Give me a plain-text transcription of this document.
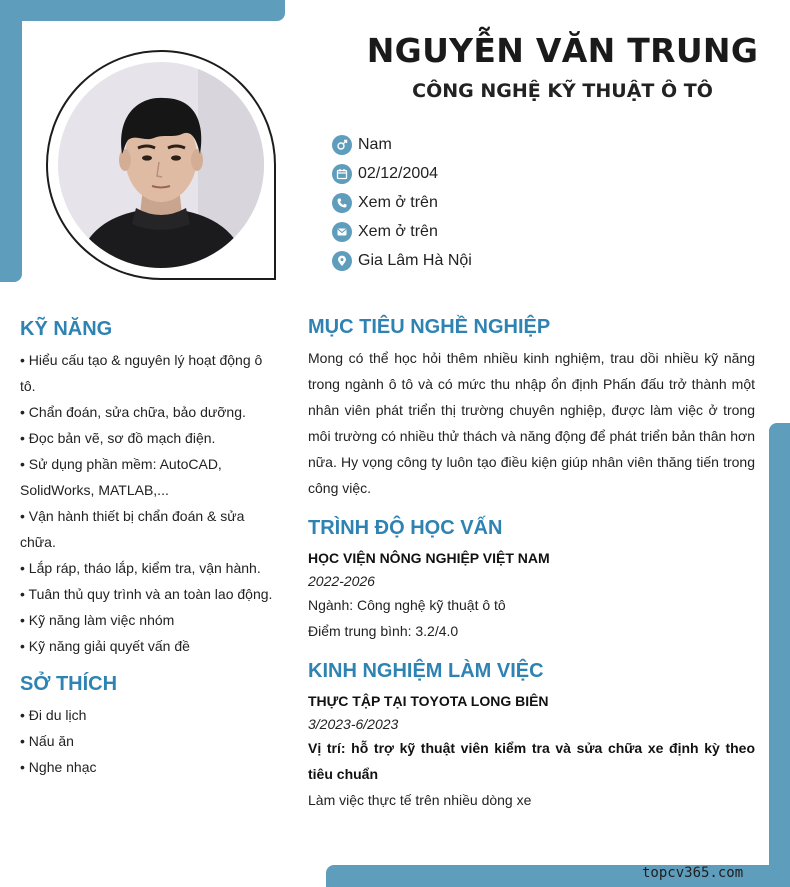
NGUYỄN VĂN TRUNG
CÔNG NGHỆ KỸ THUẬT Ô TÔ
Nam
02/12/2004
Xem ở trên
Xem ở trên
Gia Lâm Hà Nội
KỸ NĂNG
• Hiểu cấu tạo & nguyên lý hoạt động ô tô.
• Chẩn đoán, sửa chữa, bảo dưỡng.
• Đọc bản vẽ, sơ đồ mạch điện.
• Sử dụng phần mềm: AutoCAD, SolidWorks, MATLAB,...
• Vận hành thiết bị chẩn đoán & sửa chữa.
• Lắp ráp, tháo lắp, kiểm tra, vận hành.
• Tuân thủ quy trình và an toàn lao động.
• Kỹ năng làm việc nhóm
• Kỹ năng giải quyết vấn đề
SỞ THÍCH
• Đi du lịch
• Nấu ăn
• Nghe nhạc
MỤC TIÊU NGHỀ NGHIỆP
Mong có thể học hỏi thêm nhiều kinh nghiệm, trau dồi nhiều kỹ năng trong ngành ô tô và có mức thu nhập ổn định Phấn đấu trở thành một nhân viên phát triển thị trường chuyên nghiệp, được làm việc ở trong môi trường có nhiều thử thách và năng động để phát triển bản thân hơn nữa. Hy vọng công ty luôn tạo điều kiện giúp nhân viên thăng tiến trong công việc.
TRÌNH ĐỘ HỌC VẤN
HỌC VIỆN NÔNG NGHIỆP VIỆT NAM
2022-2026
Ngành: Công nghệ kỹ thuật ô tô
Điểm trung bình: 3.2/4.0
KINH NGHIỆM LÀM VIỆC
THỰC TẬP TẠI TOYOTA LONG BIÊN
3/2023-6/2023
Vị trí: hỗ trợ kỹ thuật viên kiểm tra và sửa chữa xe định kỳ theo tiêu chuẩn
Làm việc thực tế trên nhiều dòng xe
topcv365.com
